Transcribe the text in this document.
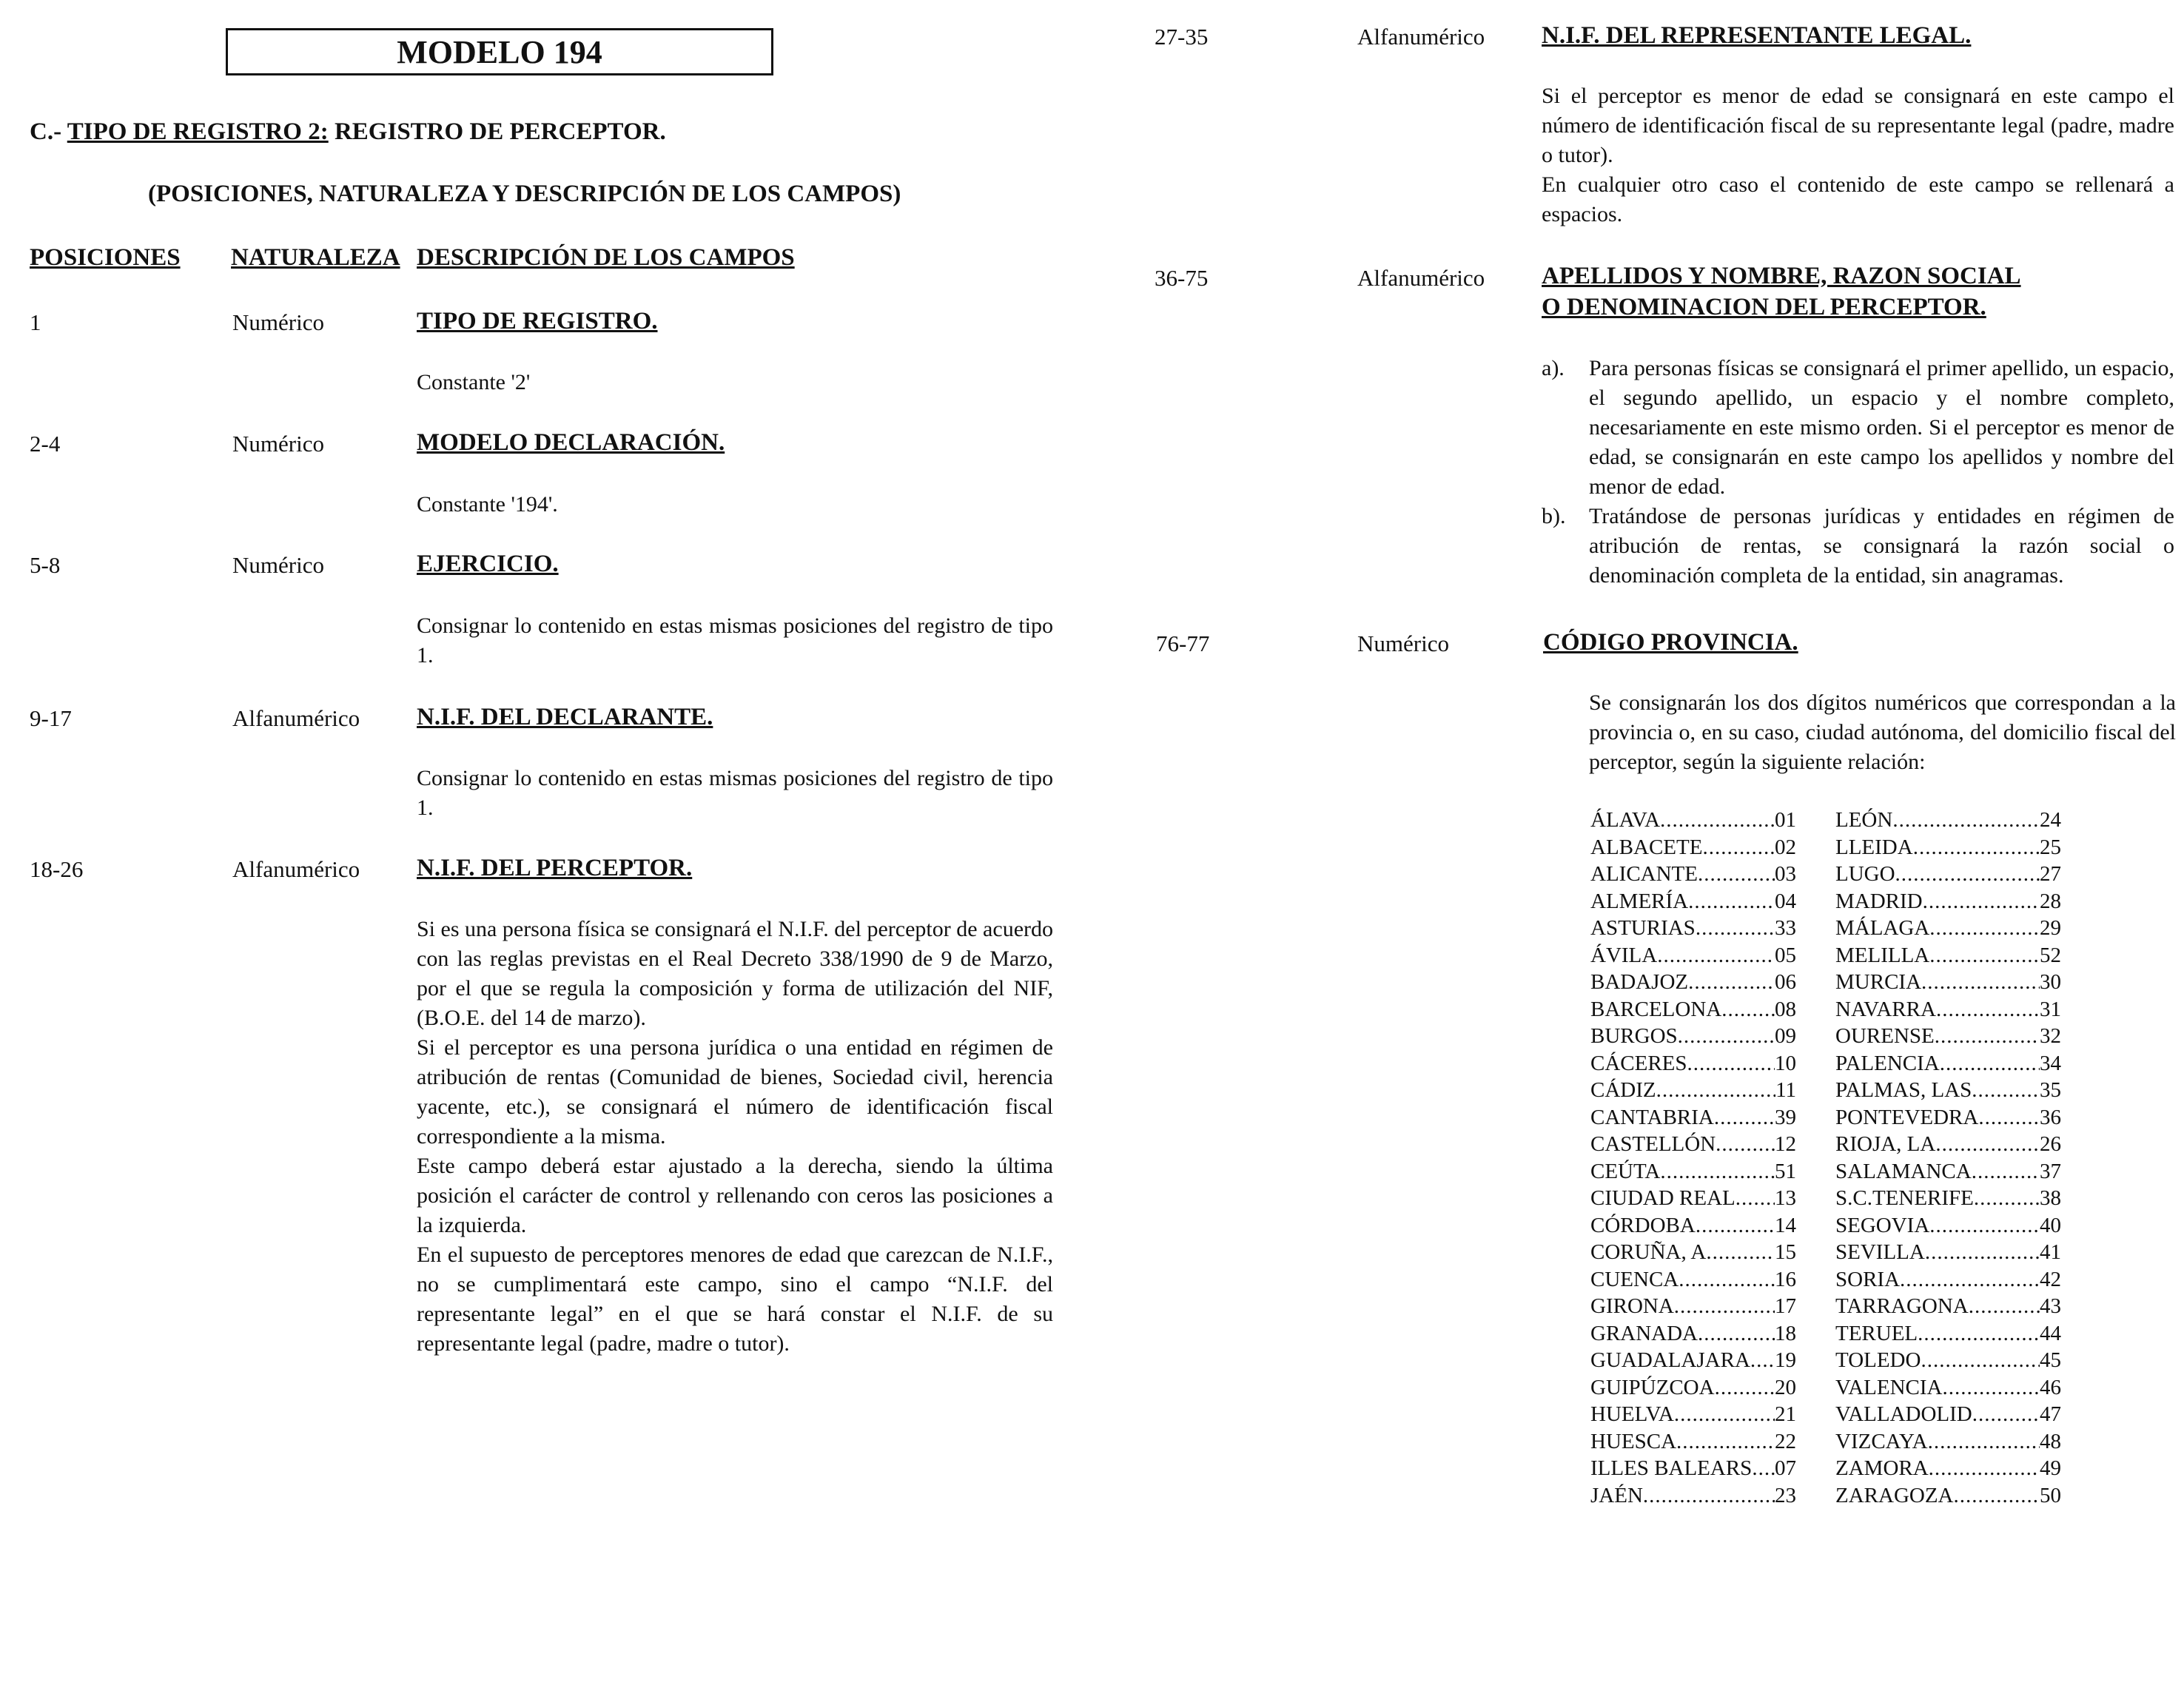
MODELO 194
C.- TIPO DE REGISTRO 2: REGISTRO DE PERCEPTOR.
(POSICIONES, NATURALEZA Y DESCRIPCIÓN DE LOS CAMPOS)
POSICIONES NATURALEZA DESCRIPCIÓN DE LOS CAMPOS
1	Numérico	TIPO DE REGISTRO.
Constante '2'
2-4	Numérico	MODELO DECLARACIÓN.
Constante '194'.
5-8	Numérico	EJERCICIO.
Consignar lo contenido en estas mismas posiciones del registro de tipo 1.
9-17	Alfanumérico N.I.F. DEL DECLARANTE.
Consignar lo contenido en estas mismas posiciones del registro de tipo 1.
18-26	Alfanumérico N.I.F. DEL PERCEPTOR.
Si es una persona física se consignará el N.I.F. del perceptor de acuerdo con las reglas previstas en el Real Decreto 338/1990 de 9 de Marzo, por el que se regula la composición y forma de utilización del NIF, (B.O.E. del 14 de marzo).
Si el perceptor es una persona jurídica o una entidad en régimen de atribución de rentas (Comunidad de bienes, Sociedad civil, herencia yacente, etc.), se consignará el número de identificación fiscal correspondiente a la misma.
Este campo deberá estar ajustado a la derecha, siendo la última posición el carácter de control y rellenando con ceros las posiciones a la izquierda.
En el supuesto de perceptores menores de edad que carezcan de N.I.F., no se cumplimentará este campo, sino el campo “N.I.F. del representante legal” en el que se hará constar el N.I.F. de su representante legal (padre, madre o tutor).
27-35	Alfanumérico N.I.F. DEL REPRESENTANTE LEGAL.
Si el perceptor es menor de edad se consignará en este campo el número de identificación fiscal de su representante legal (padre, madre o tutor).
En cualquier otro caso el contenido de este campo se rellenará a espacios.
36-75	Alfanumérico APELLIDOS Y NOMBRE, RAZON SOCIAL
O DENOMINACION DEL PERCEPTOR.
a).	Para personas físicas se consignará el primer apellido, un espacio, el segundo apellido, un espacio y el nombre completo, necesariamente en este mismo orden. Si el perceptor es menor de edad, se consignarán en este campo los apellidos y nombre del menor de edad.
b).	Tratándose de personas jurídicas y entidades en régimen de atribución de rentas, se consignará la razón social o denominación completa de la entidad, sin anagramas.
76-77	Numérico	CÓDIGO PROVINCIA.
Se consignarán los dos dígitos numéricos que correspondan a la provincia o, en su caso, ciudad autónoma, del domicilio fiscal del perceptor, según la siguiente relación:
ÁLAVA .....	01
ALBACETE .....	02
ALICANTE .....	03
ALMERÍA .....	04
ASTURIAS .....	33
ÁVILA .....	05
BADAJOZ .....	06
BARCELONA ..... 08
BURGOS .....	09
CÁCERES .....	10
CÁDIZ .....	11
CANTABRIA .....	39
CASTELLÓN .....	12
CEÚTA .....	51
CIUDAD REAL ..... 13
CÓRDOBA .....	14
CORUÑA, A .....	15
CUENCA .....	16
GIRONA .....	17
GRANADA .....	18
GUADALAJARA ..... 19
GUIPÚZCOA .....	20
HUELVA .....	21
HUESCA .....	22
ILLES BALEARS ..... 07
JAÉN .....	23
LEÓN .....	24
LLEIDA .....	25
LUGO .....	27
MADRID .....	28
MÁLAGA .....	29
MELILLA .....	52
MURCIA .....	30
NAVARRA .....	31
OURENSE .....	32
PALENCIA .....	34
PALMAS, LAS .....	35
PONTEVEDRA .....	36
RIOJA, LA .....	26
SALAMANCA .....	37
S.C.TENERIFE .....	38
SEGOVIA .....	40
SEVILLA .....	41
SORIA .....	42
TARRAGONA .....	43
TERUEL .....	44
TOLEDO .....	45
VALENCIA .....	46
VALLADOLID .....	47
VIZCAYA .....	48
ZAMORA .....	49
ZARAGOZA .....	50
